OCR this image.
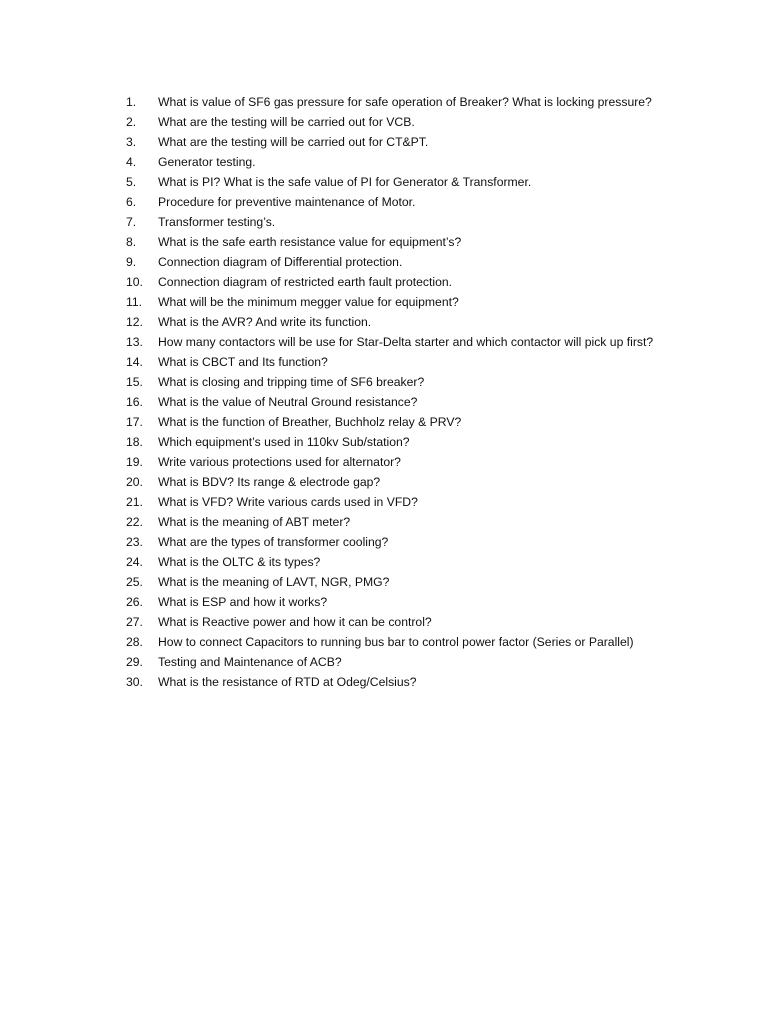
1.	What is value of SF6 gas pressure for safe operation of Breaker? What is locking pressure?
2.	What are the testing will be carried out for VCB.
3.	What are the testing will be carried out for CT&PT.
4.	Generator testing.
5.	What is PI? What is the safe value of PI for Generator & Transformer.
6.	Procedure for preventive maintenance of Motor.
7.	Transformer testing’s.
8.	What is the safe earth resistance value for equipment’s?
9.	Connection diagram of Differential protection.
10.	Connection diagram of restricted earth fault protection.
11.	What will be the minimum megger value for equipment?
12.	What is the AVR? And write its function.
13.	How many contactors will be use for Star-Delta starter and which contactor will pick up first?
14.	What is CBCT and Its function?
15.	What is closing and tripping time of SF6 breaker?
16.	What is the value of Neutral Ground resistance?
17.	What is the function of Breather, Buchholz relay & PRV?
18.	Which equipment’s used in 110kv Sub/station?
19.	Write various protections used for alternator?
20.	What is BDV? Its range & electrode gap?
21.	What is VFD? Write various cards used in VFD?
22.	What is the meaning of ABT meter?
23.	What are the types of transformer cooling?
24.	What is the OLTC & its types?
25.	What is the meaning of LAVT, NGR, PMG?
26.	What is ESP and how it works?
27.	What is Reactive power and how it can be control?
28.	How to connect Capacitors to running bus bar to control power factor (Series or Parallel)
29.	Testing and Maintenance of ACB?
30.	What is the resistance of RTD at Odeg/Celsius?
